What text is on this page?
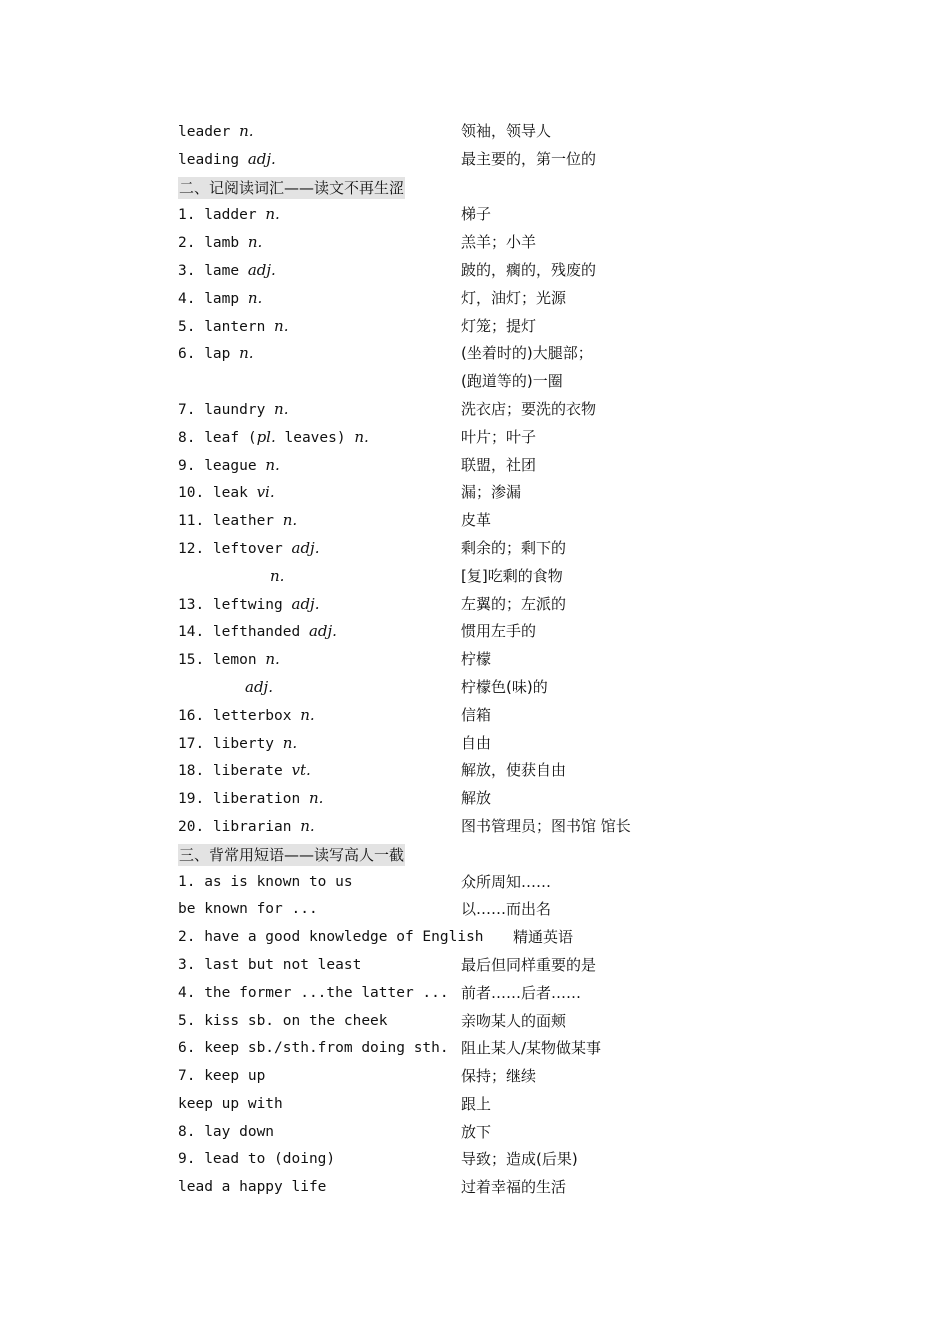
leader n.	领袖，领导人
leading adj.	最主要的，第一位的
二、记阅读词汇——读文不再生涩
1. ladder n.	梯子
2. lamb n.	羔羊；小羊
3. lame adj.	跛的，瘸的，残废的
4. lamp n.	灯，油灯；光源
5. lantern n.	灯笼；提灯
6. lap n.	(坐着时的)大腿部；
(跑道等的)一圈
7. laundry n.	洗衣店；要洗的衣物
8. leaf (pl. leaves) n.	叶片；叶子
9. league n.	联盟，社团
10. leak vi.	漏；渗漏
11. leather n.	皮革
12. leftover adj.	剩余的；剩下的
n.	[复]吃剩的食物
13. leftwing adj.	左翼的；左派的
14. lefthanded adj.	惯用左手的
15. lemon n.	柠檬
adj.	柠檬色(味)的
16. letterbox n.	信箱
17. liberty n.	自由
18. liberate vt.	解放，使获自由
19. liberation n.	解放
20. librarian n.	图书管理员；图书馆 馆长
三、背常用短语——读写高人一截
1. as is known to us	众所周知……
be known for ...	以……而出名
2. have a good knowledge of English 精通英语
3. last but not least	最后但同样重要的是
4. the former ...the latter ... 前者……后者……
5. kiss sb. on the cheek	亲吻某人的面颊
6. keep sb./sth.from doing sth. 阻止某人/某物做某事
7. keep up	保持；继续
keep up with	跟上
8. lay down	放下
9. lead to (doing)	导致；造成(后果)
lead a happy life	过着幸福的生活
